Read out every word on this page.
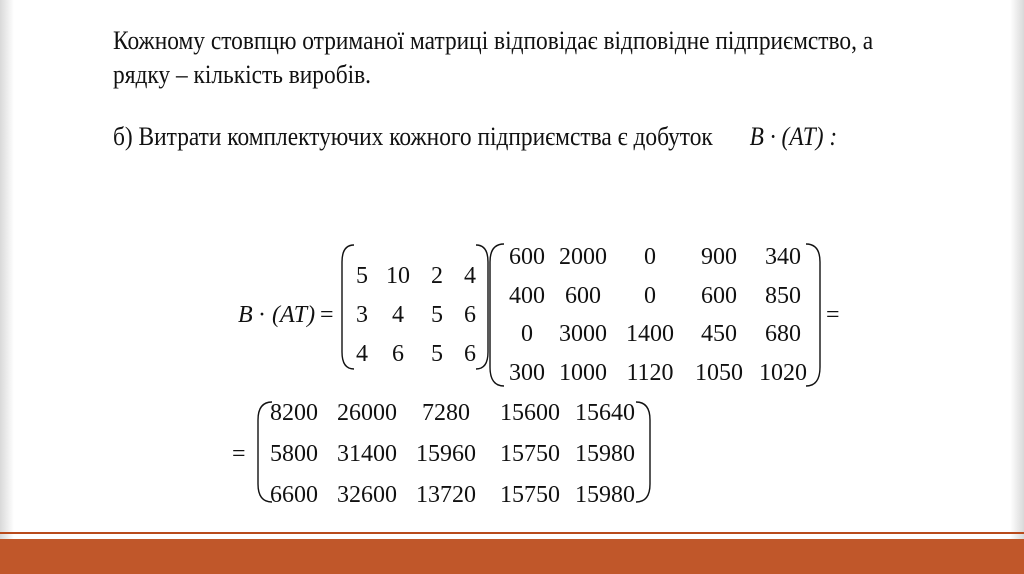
Кожному стовпцю отриманої матриці відповідає відповідне підприємство, а
рядку – кількість виробів.

б) Витрати комплектуючих кожного підприємства є добуток B · (AT) :

B · (AT) =
5 10 2 4
3 4 5 6
4 6 5 6
600 2000 0 900 340
400 600 0 600 850
0 3000 1400 450 680
300 1000 1120 1050 1020
=
=
8200 26000 7280 15600 15640
5800 31400 15960 15750 15980
6600 32600 13720 15750 15980
